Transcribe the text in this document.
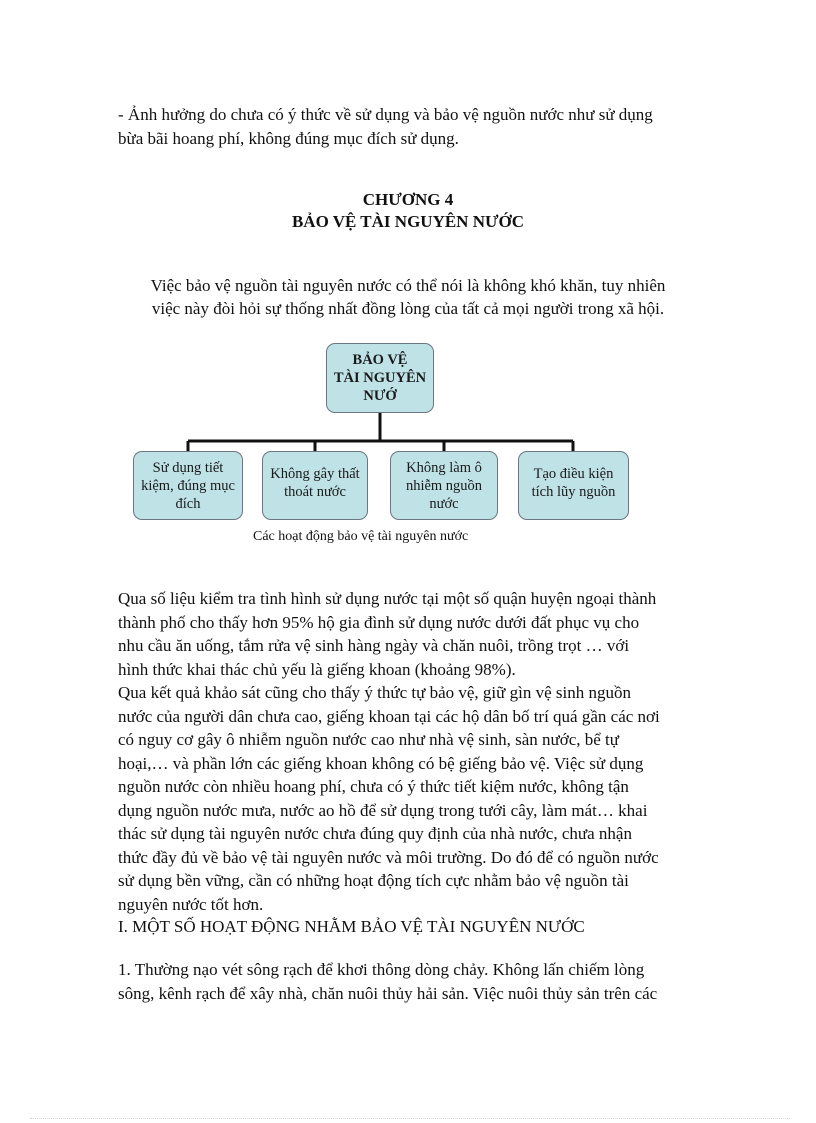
- Ảnh hưởng do chưa có ý thức về sử dụng và bảo vệ nguồn nước như sử dụng
bừa bãi hoang phí, không đúng mục đích sử dụng.
CHƯƠNG 4
BẢO VỆ TÀI NGUYÊN NƯỚC
Việc bảo vệ nguồn tài nguyên nước có thể nói là không khó khăn, tuy nhiên
việc này đòi hỏi sự thống nhất đồng lòng của tất cả mọi người trong xã hội.
BẢO VỆ
TÀI NGUYÊN
NƯỚ
Sử dụng tiết
kiệm, đúng mục
đích
Không gây thất
thoát nước
Không làm ô
nhiễm nguồn
nước
Tạo điều kiện
tích lũy nguồn
Các hoạt động bảo vệ tài nguyên nước
Qua số liệu kiểm tra tình hình sử dụng nước tại một số quận huyện ngoại thành
thành phố cho thấy hơn 95% hộ gia đình sử dụng nước dưới đất phục vụ cho
nhu cầu ăn uống, tắm rửa vệ sinh hàng ngày và chăn nuôi, trồng trọt … với
hình thức khai thác chủ yếu là giếng khoan (khoảng 98%).
Qua kết quả khảo sát cũng cho thấy ý thức tự bảo vệ, giữ gìn vệ sinh nguồn
nước của người dân chưa cao, giếng khoan tại các hộ dân bố trí quá gần các nơi
có nguy cơ gây ô nhiễm nguồn nước cao như nhà vệ sinh, sàn nước, bể tự
hoại,… và phần lớn các giếng khoan không có bệ giếng bảo vệ. Việc sử dụng
nguồn nước còn nhiều hoang phí, chưa có ý thức tiết kiệm nước, không tận
dụng nguồn nước mưa, nước ao hồ để sử dụng trong tưới cây, làm mát… khai
thác sử dụng tài nguyên nước chưa đúng quy định của nhà nước, chưa nhận
thức đầy đủ về bảo vệ tài nguyên nước và môi trường. Do đó để có nguồn nước
sử dụng bền vững, cần có những hoạt động tích cực nhằm bảo vệ nguồn tài
nguyên nước tốt hơn.
I. MỘT SỐ HOẠT ĐỘNG NHẰM BẢO VỆ TÀI NGUYÊN NƯỚC
1. Thường nạo vét sông rạch để khơi thông dòng chảy. Không lấn chiếm lòng
sông, kênh rạch để xây nhà, chăn nuôi thủy hải sản. Việc nuôi thủy sản trên các
